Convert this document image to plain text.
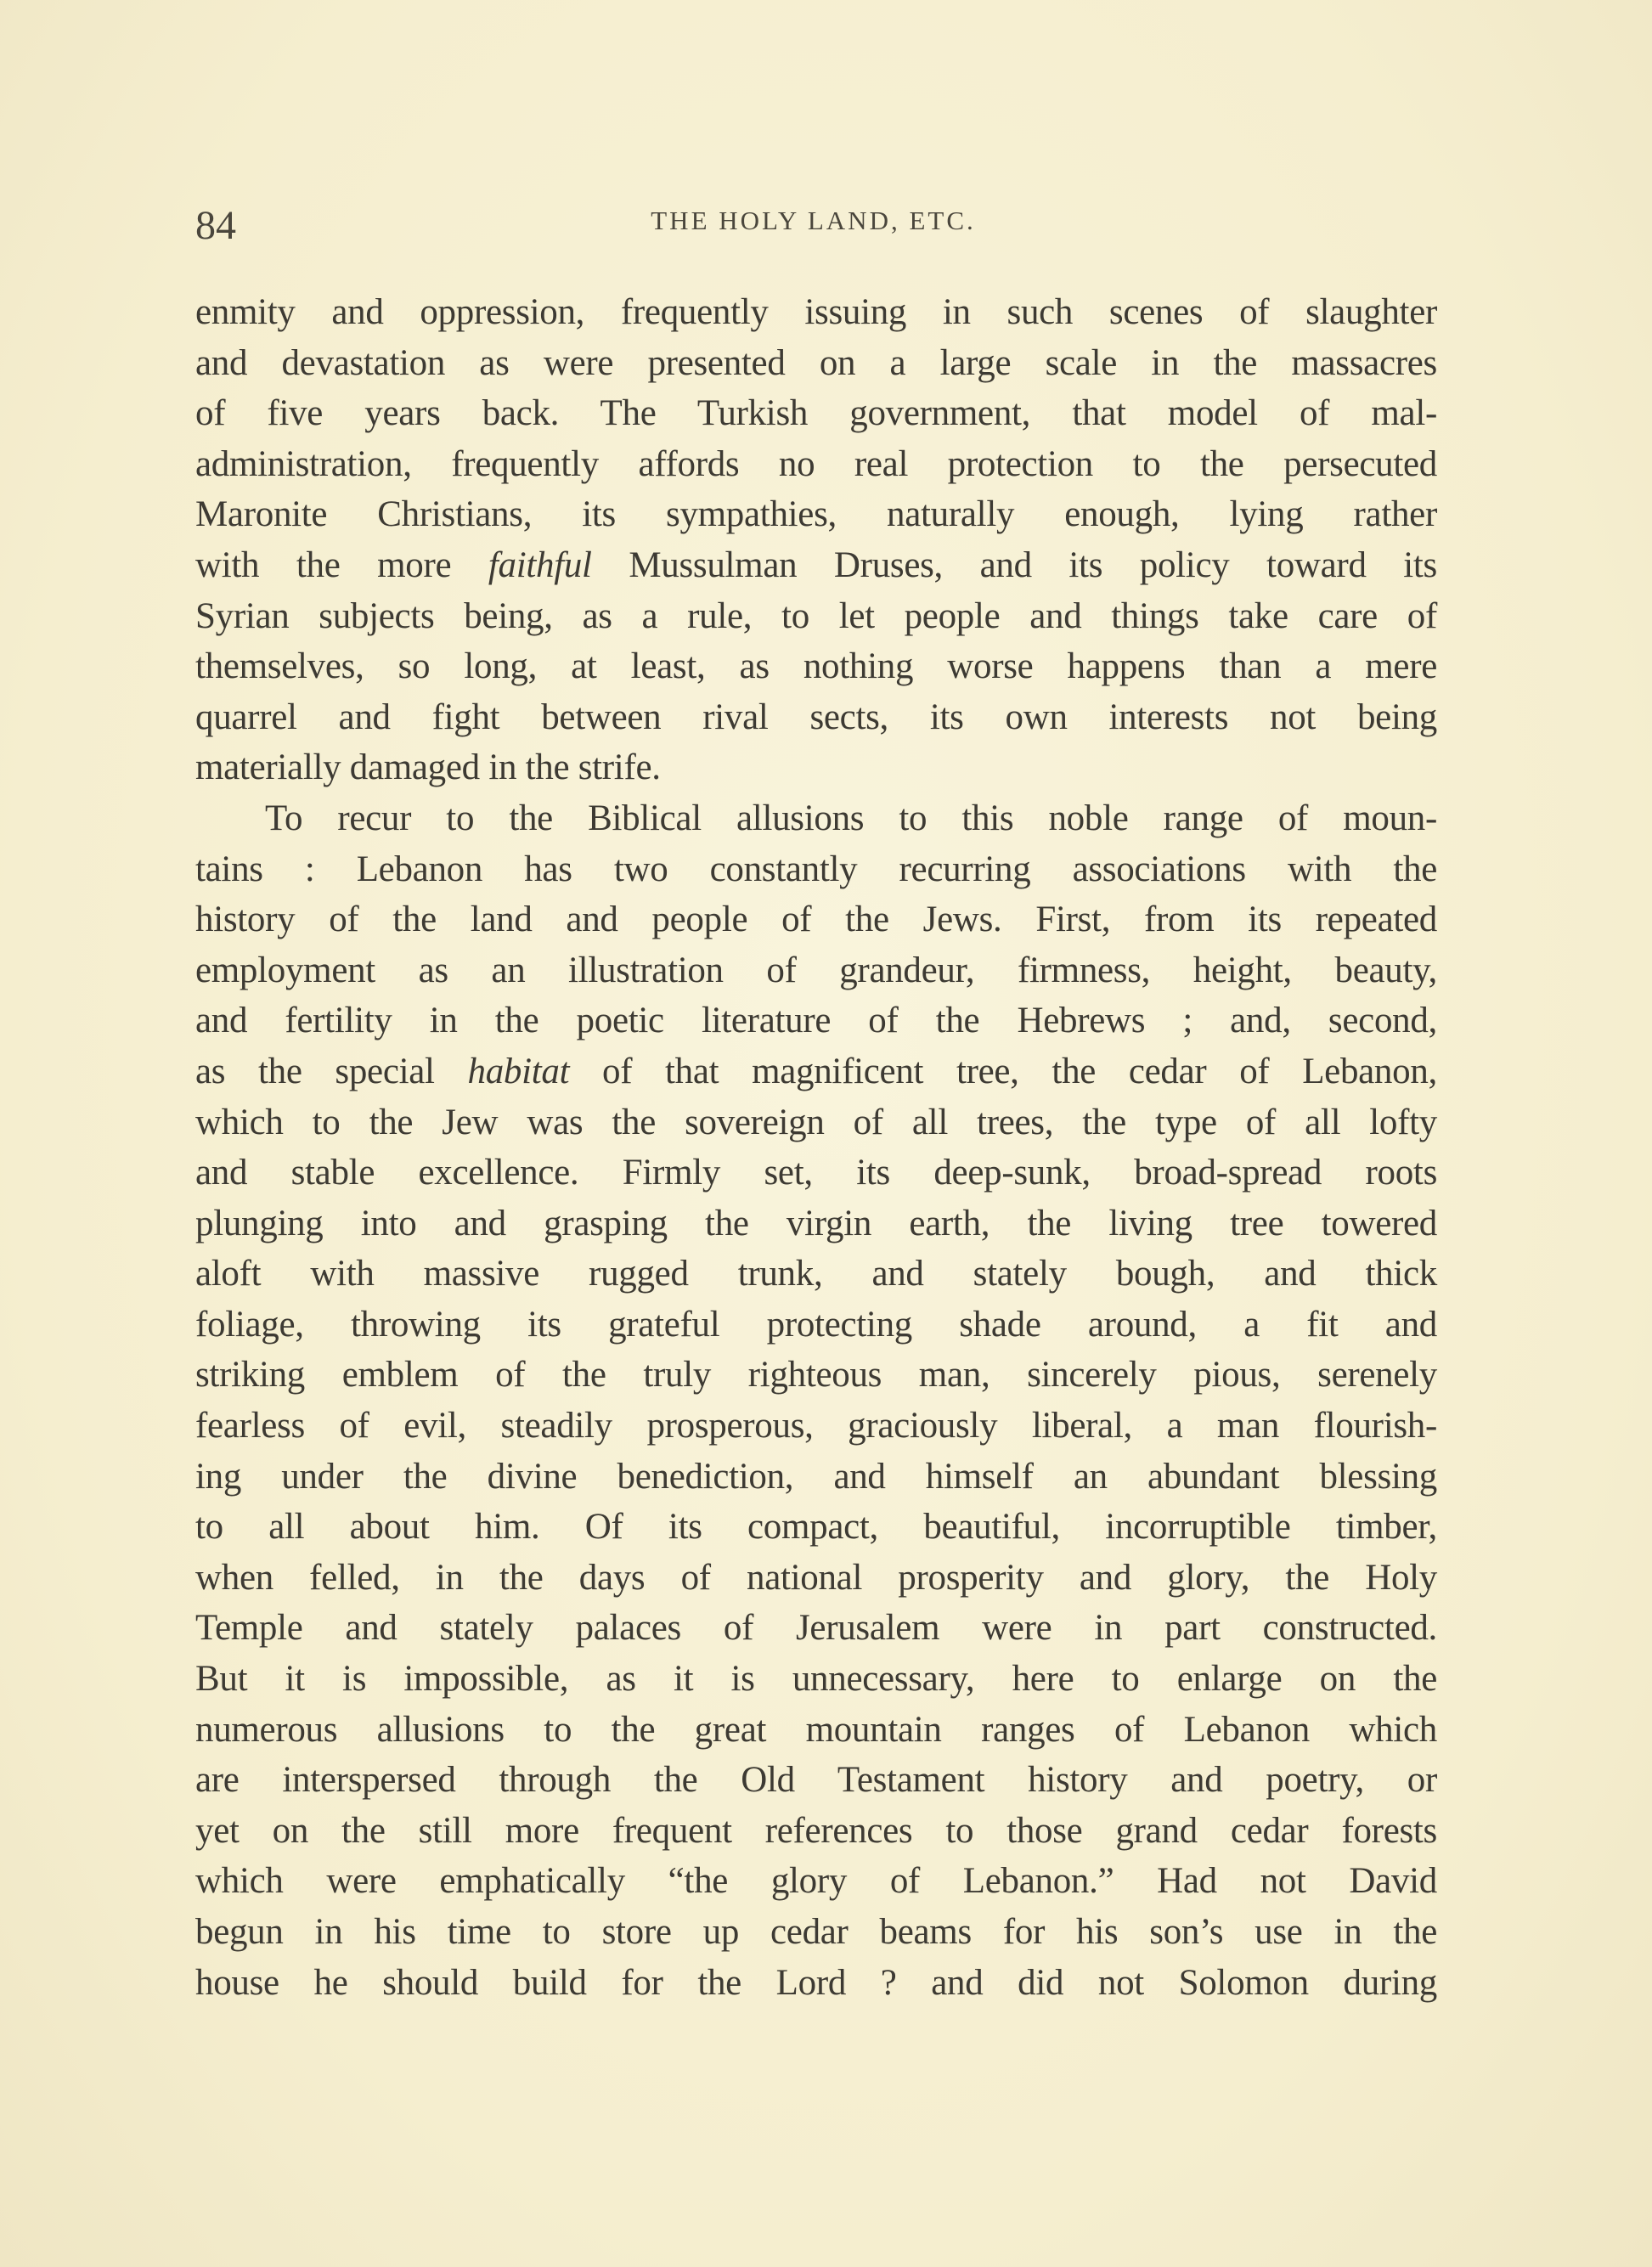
84	THE HOLY LAND, ETC.
enmity and oppression, frequently issuing in such scenes of slaughter
and devastation as were presented on a large scale in the massacres
of five years back. The Turkish government, that model of mal-
administration, frequently affords no real protection to the persecuted
Maronite Christians, its sympathies, naturally enough, lying rather
with the more faithful Mussulman Druses, and its policy toward its
Syrian subjects being, as a rule, to let people and things take care of
themselves, so long, at least, as nothing worse happens than a mere
quarrel and fight between rival sects, its own interests not being
materially damaged in the strife.
To recur to the Biblical allusions to this noble range of moun-
tains : Lebanon has two constantly recurring associations with the
history of the land and people of the Jews. First, from its repeated
employment as an illustration of grandeur, firmness, height, beauty,
and fertility in the poetic literature of the Hebrews ; and, second,
as the special habitat of that magnificent tree, the cedar of Lebanon,
which to the Jew was the sovereign of all trees, the type of all lofty
and stable excellence. Firmly set, its deep-sunk, broad-spread roots
plunging into and grasping the virgin earth, the living tree towered
aloft with massive rugged trunk, and stately bough, and thick
foliage, throwing its grateful protecting shade around, a fit and
striking emblem of the truly righteous man, sincerely pious, serenely
fearless of evil, steadily prosperous, graciously liberal, a man flourish-
ing under the divine benediction, and himself an abundant blessing
to all about him. Of its compact, beautiful, incorruptible timber,
when felled, in the days of national prosperity and glory, the Holy
Temple and stately palaces of Jerusalem were in part constructed.
But it is impossible, as it is unnecessary, here to enlarge on the
numerous allusions to the great mountain ranges of Lebanon which
are interspersed through the Old Testament history and poetry, or
yet on the still more frequent references to those grand cedar forests
which were emphatically “the glory of Lebanon.” Had not David
begun in his time to store up cedar beams for his son’s use in the
house he should build for the Lord ? and did not Solomon during
